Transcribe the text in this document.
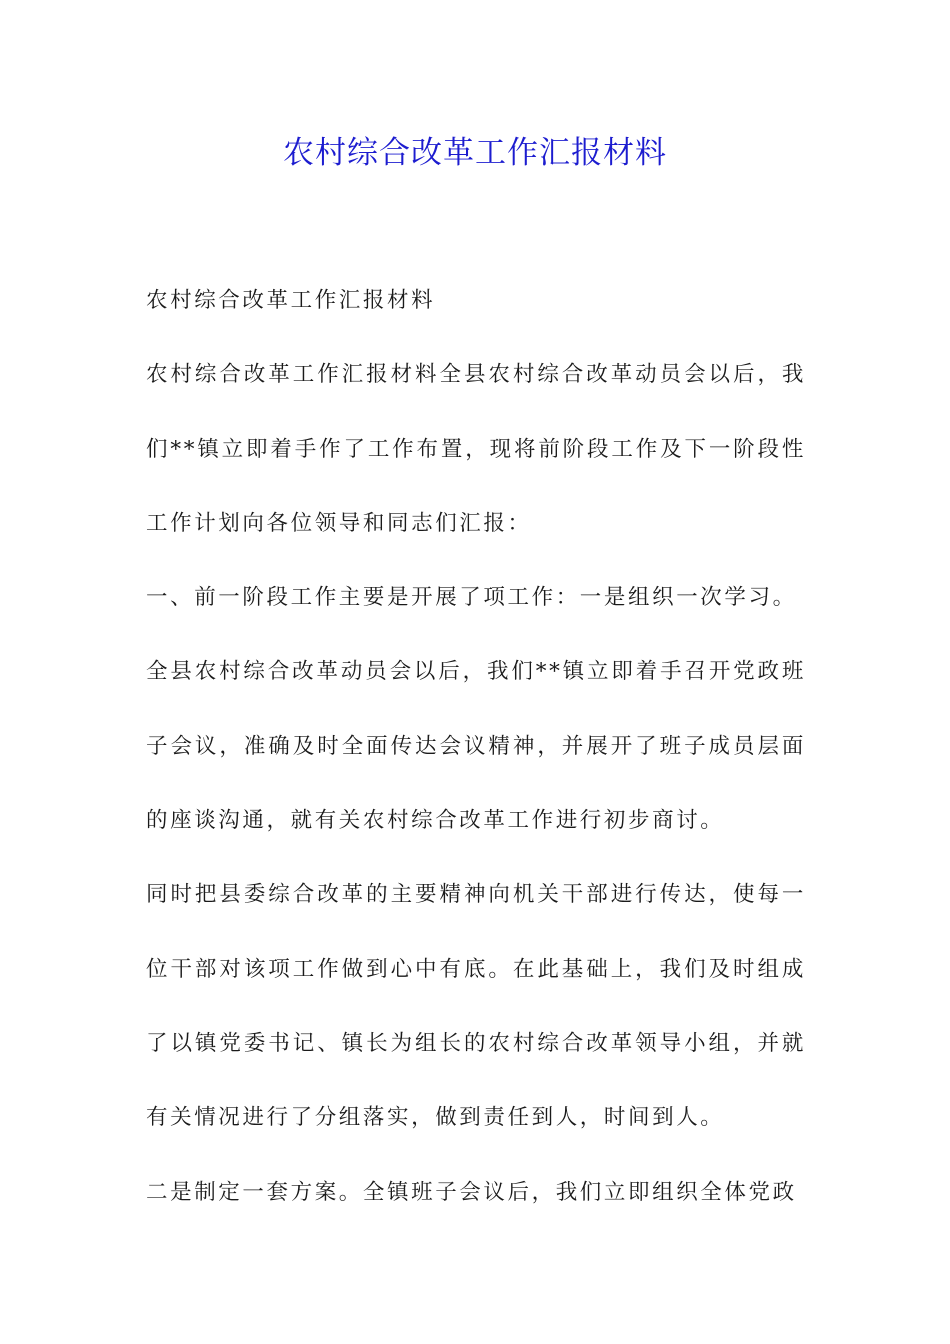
农村综合改革工作汇报材料

农村综合改革工作汇报材料

农村综合改革工作汇报材料全县农村综合改革动员会以后，我们**镇立即着手作了工作布置，现将前阶段工作及下一阶段性工作计划向各位领导和同志们汇报：

一、前一阶段工作主要是开展了项工作：一是组织一次学习。

全县农村综合改革动员会以后，我们**镇立即着手召开党政班子会议，准确及时全面传达会议精神，并展开了班子成员层面的座谈沟通，就有关农村综合改革工作进行初步商讨。

同时把县委综合改革的主要精神向机关干部进行传达，使每一位干部对该项工作做到心中有底。在此基础上，我们及时组成了以镇党委书记、镇长为组长的农村综合改革领导小组，并就有关情况进行了分组落实，做到责任到人，时间到人。

二是制定一套方案。全镇班子会议后，我们立即组织全体党政
